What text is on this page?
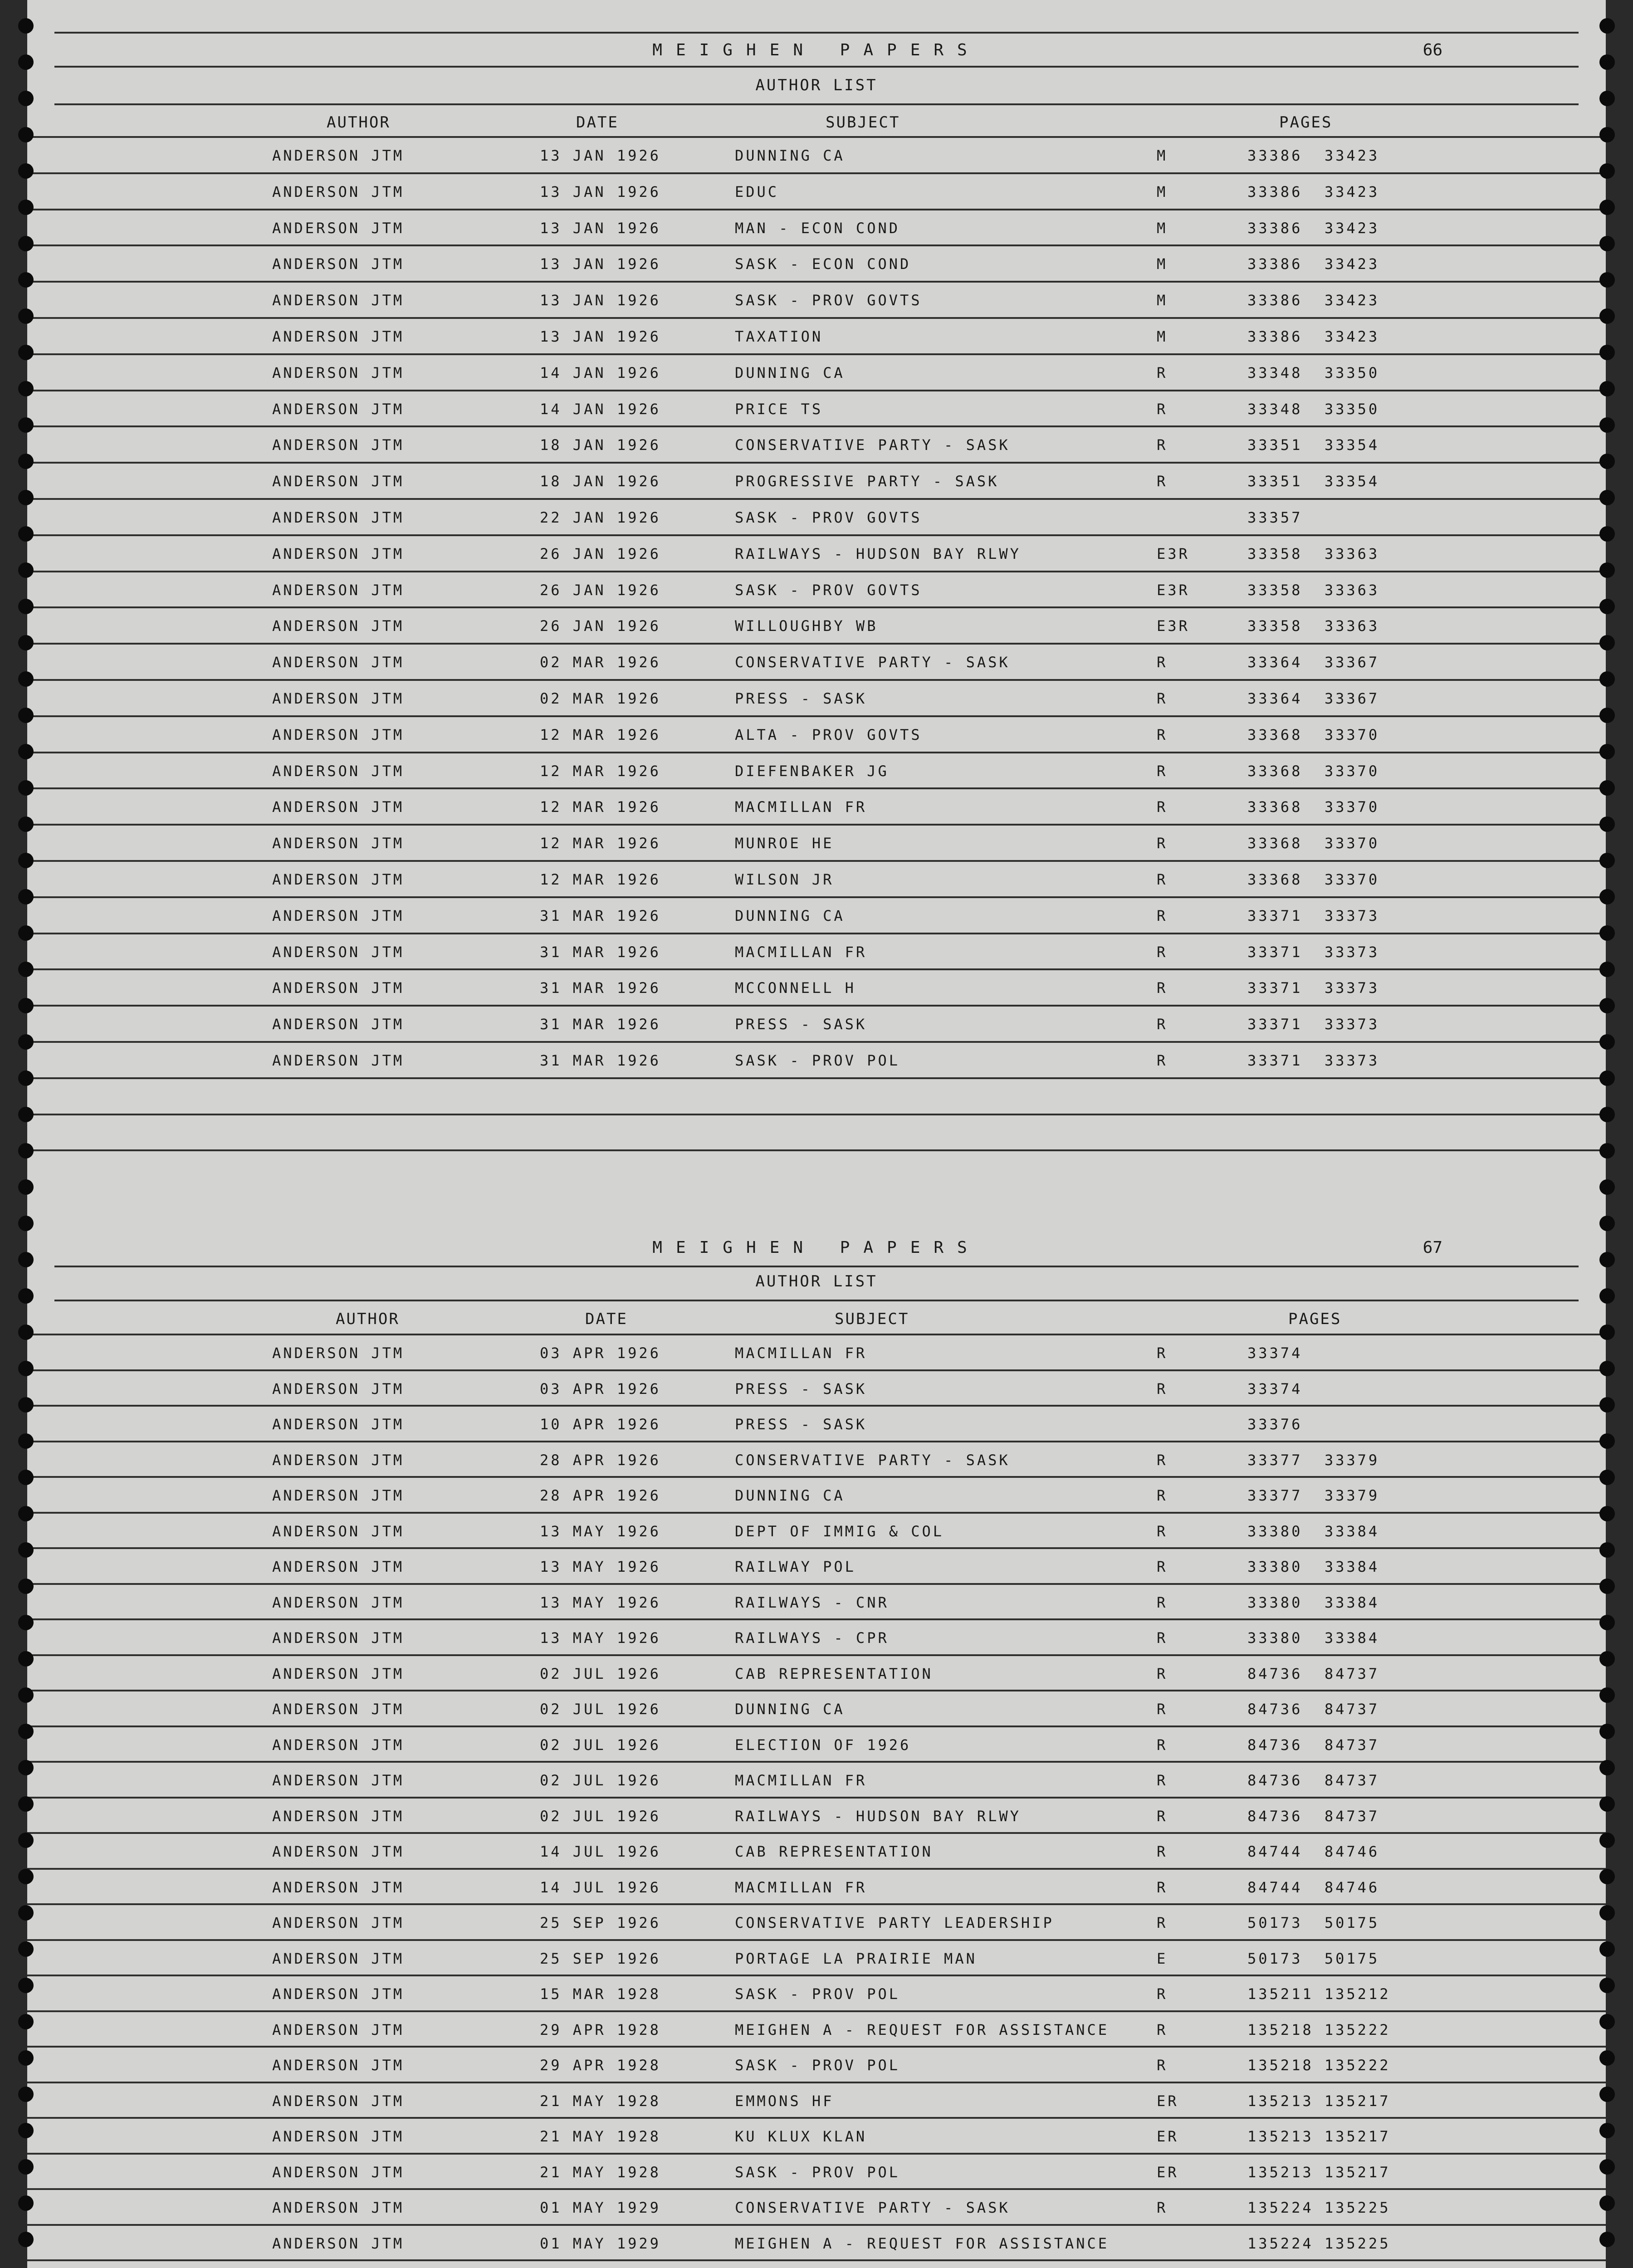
MEIGHEN PAPERS	66
AUTHOR LIST
AUTHOR	DATE	SUBJECT	PAGES
ANDERSON JTM	13 JAN 1926	DUNNING CA	M	33386  33423
ANDERSON JTM	13 JAN 1926	EDUC	M	33386  33423
ANDERSON JTM	13 JAN 1926	MAN - ECON COND	M	33386  33423
ANDERSON JTM	13 JAN 1926	SASK - ECON COND	M	33386  33423
ANDERSON JTM	13 JAN 1926	SASK - PROV GOVTS	M	33386  33423
ANDERSON JTM	13 JAN 1926	TAXATION	M	33386  33423
ANDERSON JTM	14 JAN 1926	DUNNING CA	R	33348  33350
ANDERSON JTM	14 JAN 1926	PRICE TS	R	33348  33350
ANDERSON JTM	18 JAN 1926	CONSERVATIVE PARTY - SASK	R	33351  33354
ANDERSON JTM	18 JAN 1926	PROGRESSIVE PARTY - SASK	R	33351  33354
ANDERSON JTM	22 JAN 1926	SASK - PROV GOVTS	33357
ANDERSON JTM	26 JAN 1926	RAILWAYS - HUDSON BAY RLWY	E3R	33358  33363
ANDERSON JTM	26 JAN 1926	SASK - PROV GOVTS	E3R	33358  33363
ANDERSON JTM	26 JAN 1926	WILLOUGHBY WB	E3R	33358  33363
ANDERSON JTM	02 MAR 1926	CONSERVATIVE PARTY - SASK	R	33364  33367
ANDERSON JTM	02 MAR 1926	PRESS - SASK	R	33364  33367
ANDERSON JTM	12 MAR 1926	ALTA - PROV GOVTS	R	33368  33370
ANDERSON JTM	12 MAR 1926	DIEFENBAKER JG	R	33368  33370
ANDERSON JTM	12 MAR 1926	MACMILLAN FR	R	33368  33370
ANDERSON JTM	12 MAR 1926	MUNROE HE	R	33368  33370
ANDERSON JTM	12 MAR 1926	WILSON JR	R	33368  33370
ANDERSON JTM	31 MAR 1926	DUNNING CA	R	33371  33373
ANDERSON JTM	31 MAR 1926	MACMILLAN FR	R	33371  33373
ANDERSON JTM	31 MAR 1926	MCCONNELL H	R	33371  33373
ANDERSON JTM	31 MAR 1926	PRESS - SASK	R	33371  33373
ANDERSON JTM	31 MAR 1926	SASK - PROV POL	R	33371  33373
MEIGHEN PAPERS	67
AUTHOR LIST
AUTHOR	DATE	SUBJECT	PAGES
ANDERSON JTM	03 APR 1926	MACMILLAN FR	R	33374
ANDERSON JTM	03 APR 1926	PRESS - SASK	R	33374
ANDERSON JTM	10 APR 1926	PRESS - SASK	33376
ANDERSON JTM	28 APR 1926	CONSERVATIVE PARTY - SASK	R	33377  33379
ANDERSON JTM	28 APR 1926	DUNNING CA	R	33377  33379
ANDERSON JTM	13 MAY 1926	DEPT OF IMMIG & COL	R	33380  33384
ANDERSON JTM	13 MAY 1926	RAILWAY POL	R	33380  33384
ANDERSON JTM	13 MAY 1926	RAILWAYS - CNR	R	33380  33384
ANDERSON JTM	13 MAY 1926	RAILWAYS - CPR	R	33380  33384
ANDERSON JTM	02 JUL 1926	CAB REPRESENTATION	R	84736  84737
ANDERSON JTM	02 JUL 1926	DUNNING CA	R	84736  84737
ANDERSON JTM	02 JUL 1926	ELECTION OF 1926	R	84736  84737
ANDERSON JTM	02 JUL 1926	MACMILLAN FR	R	84736  84737
ANDERSON JTM	02 JUL 1926	RAILWAYS - HUDSON BAY RLWY	R	84736  84737
ANDERSON JTM	14 JUL 1926	CAB REPRESENTATION	R	84744  84746
ANDERSON JTM	14 JUL 1926	MACMILLAN FR	R	84744  84746
ANDERSON JTM	25 SEP 1926	CONSERVATIVE PARTY LEADERSHIP	R	50173  50175
ANDERSON JTM	25 SEP 1926	PORTAGE LA PRAIRIE MAN	E	50173  50175
ANDERSON JTM	15 MAR 1928	SASK - PROV POL	R	135211 135212
ANDERSON JTM	29 APR 1928	MEIGHEN A - REQUEST FOR ASSISTANCE	R	135218 135222
ANDERSON JTM	29 APR 1928	SASK - PROV POL	R	135218 135222
ANDERSON JTM	21 MAY 1928	EMMONS HF	ER	135213 135217
ANDERSON JTM	21 MAY 1928	KU KLUX KLAN	ER	135213 135217
ANDERSON JTM	21 MAY 1928	SASK - PROV POL	ER	135213 135217
ANDERSON JTM	01 MAY 1929	CONSERVATIVE PARTY - SASK	R	135224 135225
ANDERSON JTM	01 MAY 1929	MEIGHEN A - REQUEST FOR ASSISTANCE	135224 135225
